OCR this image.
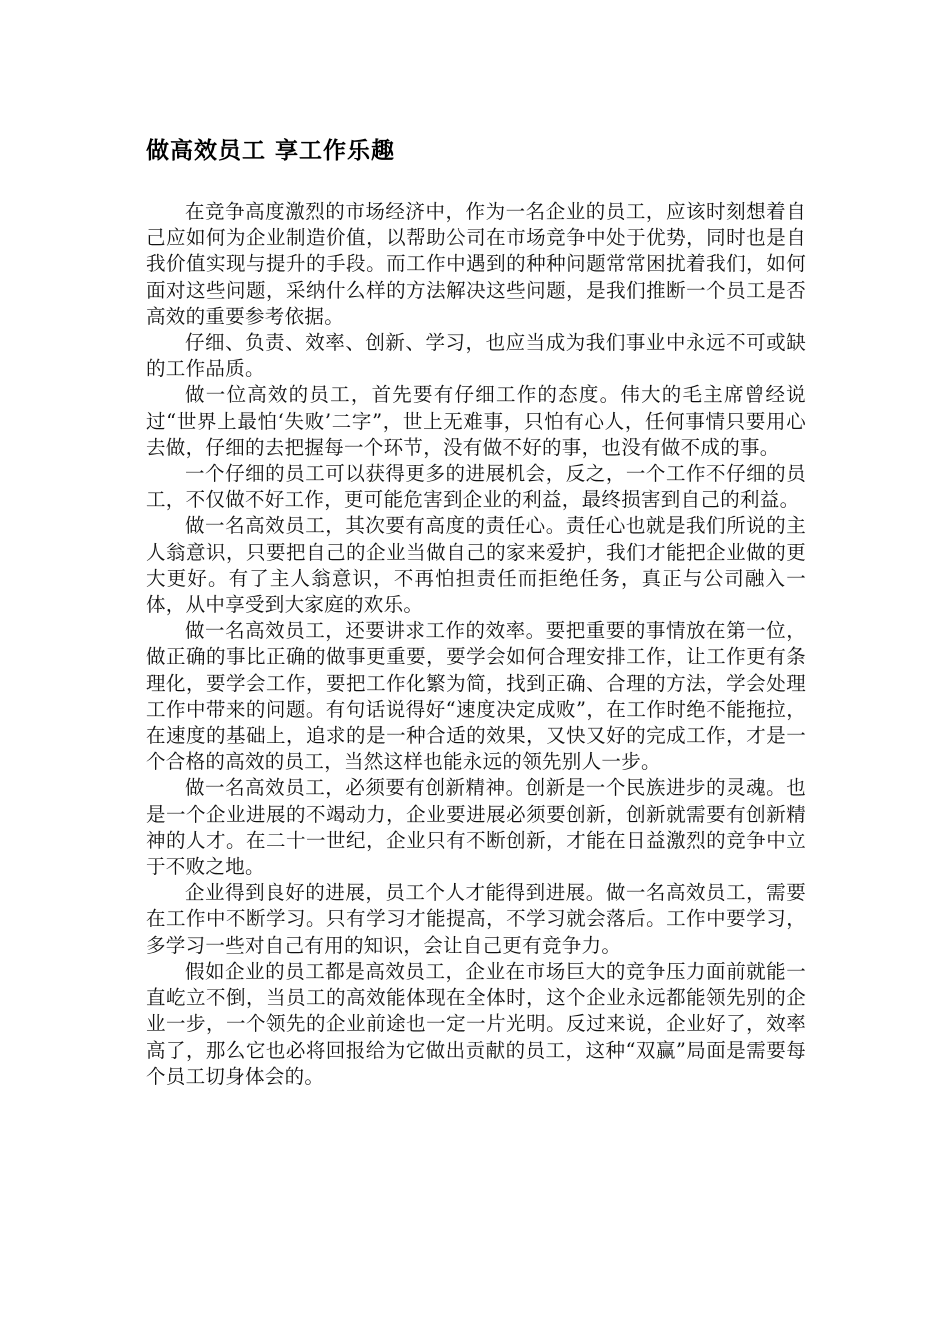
做高效员工 享工作乐趣

在竞争高度激烈的市场经济中，作为一名企业的员工，应该时刻想着自己应如何为企业制造价值，以帮助公司在市场竞争中处于优势，同时也是自我价值实现与提升的手段。而工作中遇到的种种问题常常困扰着我们，如何面对这些问题，采纳什么样的方法解决这些问题，是我们推断一个员工是否高效的重要参考依据。

仔细、负责、效率、创新、学习，也应当成为我们事业中永远不可或缺的工作品质。

做一位高效的员工，首先要有仔细工作的态度。伟大的毛主席曾经说过“世界上最怕‘失败’二字”，世上无难事，只怕有心人，任何事情只要用心去做，仔细的去把握每一个环节，没有做不好的事，也没有做不成的事。

一个仔细的员工可以获得更多的进展机会，反之，一个工作不仔细的员工，不仅做不好工作，更可能危害到企业的利益，最终损害到自己的利益。

做一名高效员工，其次要有高度的责任心。责任心也就是我们所说的主人翁意识，只要把自己的企业当做自己的家来爱护，我们才能把企业做的更大更好。有了主人翁意识，不再怕担责任而拒绝任务，真正与公司融入一体，从中享受到大家庭的欢乐。

做一名高效员工，还要讲求工作的效率。要把重要的事情放在第一位，做正确的事比正确的做事更重要，要学会如何合理安排工作，让工作更有条理化，要学会工作，要把工作化繁为简，找到正确、合理的方法，学会处理工作中带来的问题。有句话说得好“速度决定成败”，在工作时绝不能拖拉，在速度的基础上，追求的是一种合适的效果，又快又好的完成工作，才是一个合格的高效的员工，当然这样也能永远的领先别人一步。

做一名高效员工，必须要有创新精神。创新是一个民族进步的灵魂。也是一个企业进展的不竭动力，企业要进展必须要创新，创新就需要有创新精神的人才。在二十一世纪，企业只有不断创新，才能在日益激烈的竞争中立于不败之地。

企业得到良好的进展，员工个人才能得到进展。做一名高效员工，需要在工作中不断学习。只有学习才能提高，不学习就会落后。工作中要学习，多学习一些对自己有用的知识，会让自己更有竞争力。

假如企业的员工都是高效员工，企业在市场巨大的竞争压力面前就能一直屹立不倒，当员工的高效能体现在全体时，这个企业永远都能领先别的企业一步，一个领先的企业前途也一定一片光明。反过来说，企业好了，效率高了，那么它也必将回报给为它做出贡献的员工，这种“双赢”局面是需要每个员工切身体会的。
